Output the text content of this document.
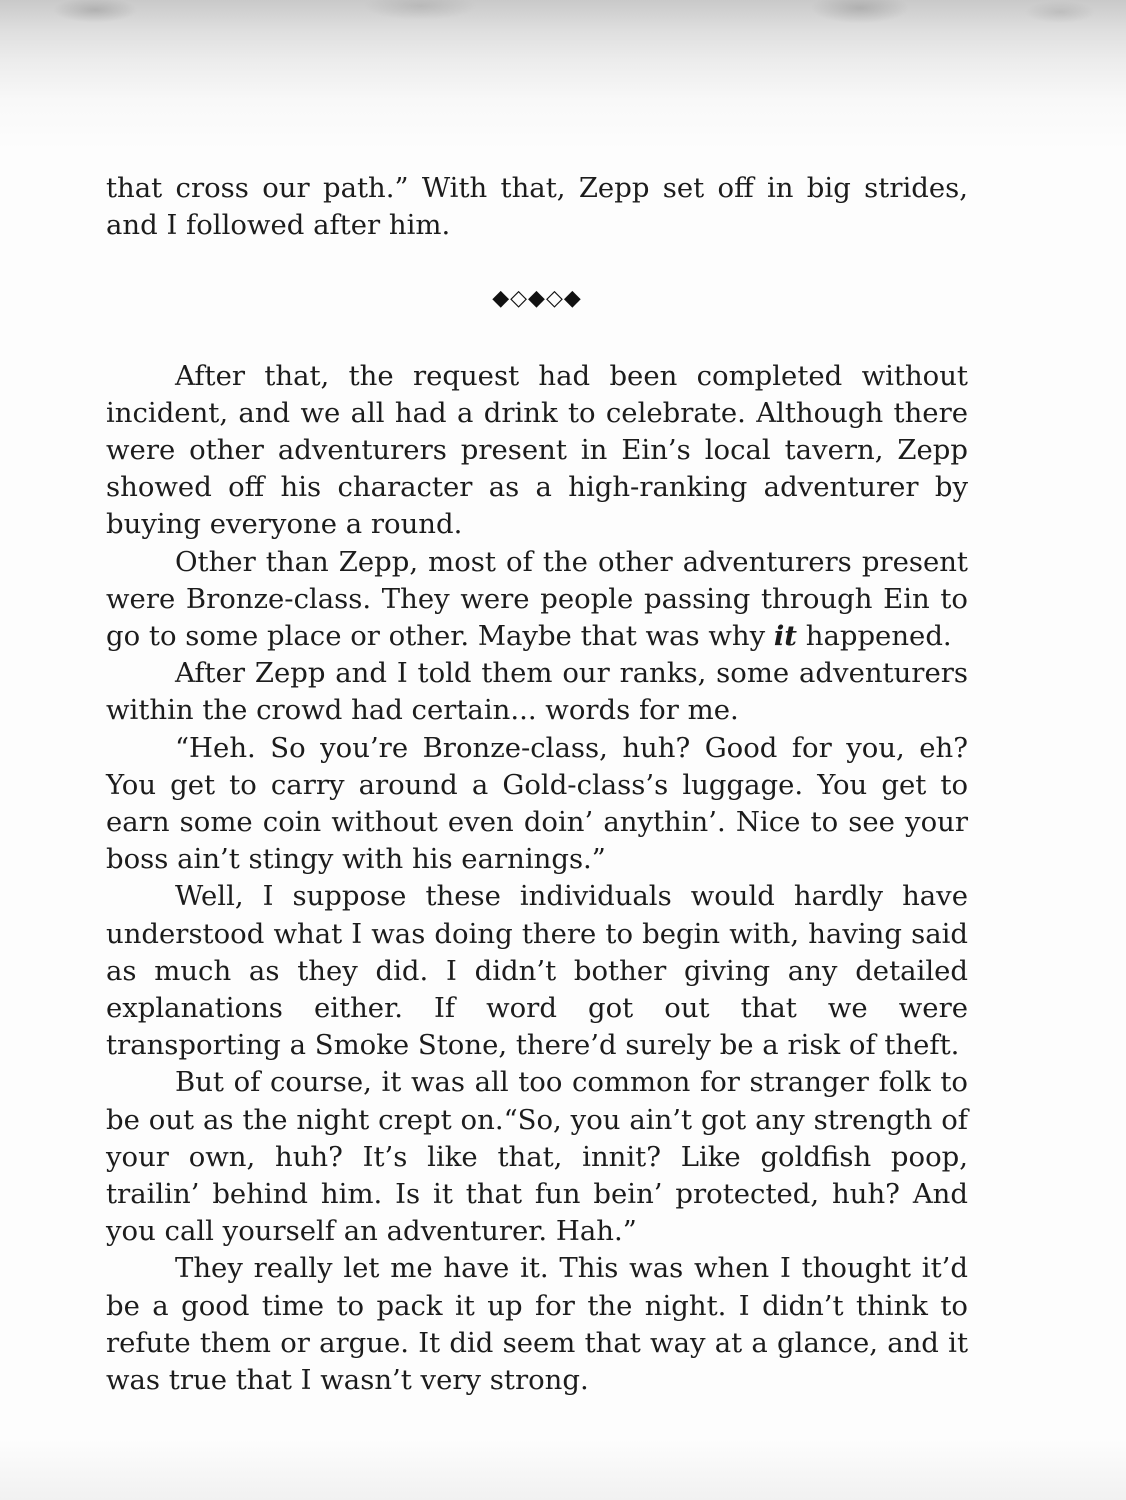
that cross our path.” With that, Zepp set off in big strides, and I followed after him.

◆◇◆◇◆

After that, the request had been completed without incident, and we all had a drink to celebrate. Although there were other adventurers present in Ein’s local tavern, Zepp showed off his character as a high-ranking adventurer by buying everyone a round.

Other than Zepp, most of the other adventurers present were Bronze-class. They were people passing through Ein to go to some place or other. Maybe that was why it happened.

After Zepp and I told them our ranks, some adventurers within the crowd had certain... words for me.

“Heh. So you’re Bronze-class, huh? Good for you, eh? You get to carry around a Gold-class’s luggage. You get to earn some coin without even doin’ anythin’. Nice to see your boss ain’t stingy with his earnings.”

Well, I suppose these individuals would hardly have understood what I was doing there to begin with, having said as much as they did. I didn’t bother giving any detailed explanations either. If word got out that we were transporting a Smoke Stone, there’d surely be a risk of theft.

But of course, it was all too common for stranger folk to be out as the night crept on.“So, you ain’t got any strength of your own, huh? It’s like that, innit? Like goldfish poop, trailin’ behind him. Is it that fun bein’ protected, huh? And you call yourself an adventurer. Hah.”

They really let me have it. This was when I thought it’d be a good time to pack it up for the night. I didn’t think to refute them or argue. It did seem that way at a glance, and it was true that I wasn’t very strong.
